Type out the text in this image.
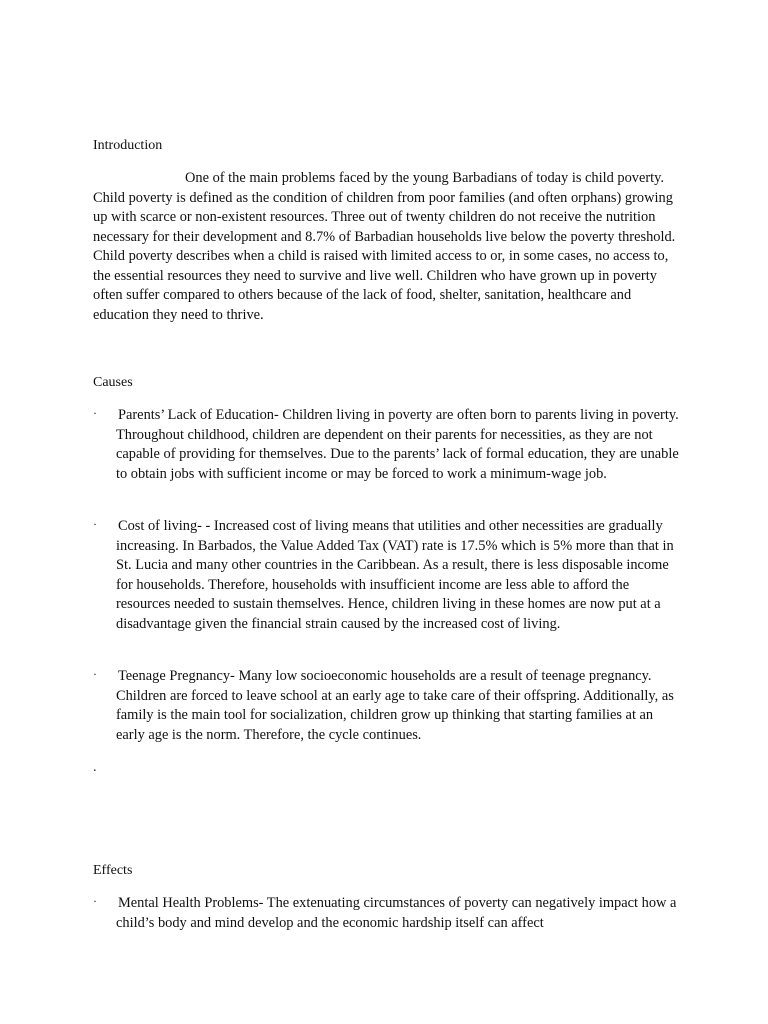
Introduction

One of the main problems faced by the young Barbadians of today is child poverty. Child poverty is defined as the condition of children from poor families (and often orphans) growing up with scarce or non-existent resources. Three out of twenty children do not receive the nutrition necessary for their development and 8.7% of Barbadian households live below the poverty threshold. Child poverty describes when a child is raised with limited access to or, in some cases, no access to, the essential resources they need to survive and live well. Children who have grown up in poverty often suffer compared to others because of the lack of food, shelter, sanitation, healthcare and education they need to thrive.

Causes
· Parents’ Lack of Education- Children living in poverty are often born to parents living in poverty. Throughout childhood, children are dependent on their parents for necessities, as they are not capable of providing for themselves. Due to the parents’ lack of formal education, they are unable to obtain jobs with sufficient income or may be forced to work a minimum-wage job.
· Cost of living- - Increased cost of living means that utilities and other necessities are gradually increasing. In Barbados, the Value Added Tax (VAT) rate is 17.5% which is 5% more than that in St. Lucia and many other countries in the Caribbean. As a result, there is less disposable income for households. Therefore, households with insufficient income are less able to afford the resources needed to sustain themselves. Hence, children living in these homes are now put at a disadvantage given the financial strain caused by the increased cost of living.
· Teenage Pregnancy- Many low socioeconomic households are a result of teenage pregnancy. Children are forced to leave school at an early age to take care of their offspring. Additionally, as family is the main tool for socialization, children grow up thinking that starting families at an early age is the norm. Therefore, the cycle continues.
.
Effects
· Mental Health Problems- The extenuating circumstances of poverty can negatively impact how a child’s body and mind develop and the economic hardship itself can affect
